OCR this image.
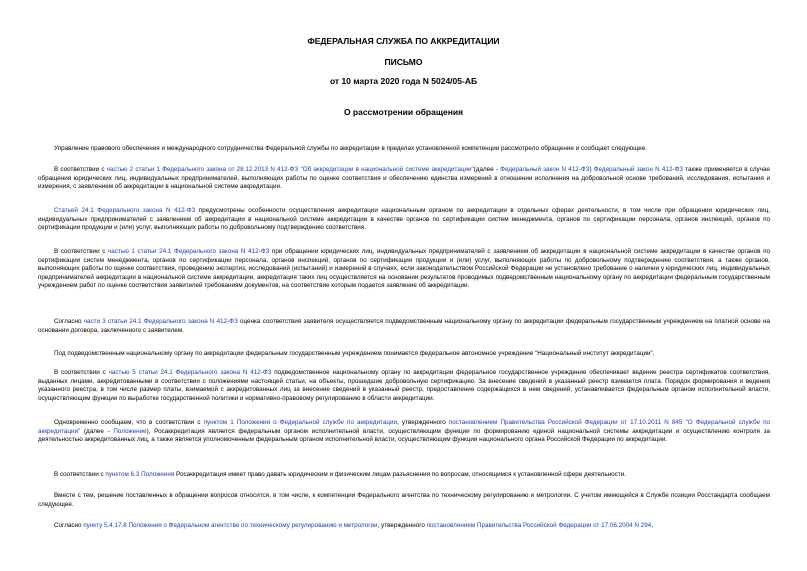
ФЕДЕРАЛЬНАЯ СЛУЖБА ПО АККРЕДИТАЦИИ
ПИСЬМО
от 10 марта 2020 года N 5024/05-АБ
О рассмотрении обращения
Управление правового обеспечения и международного сотрудничества Федеральной службы по аккредитации в пределах установленной компетенции рассмотрело обращение и сообщает следующее.
В соответствии с частью 2 статьи 1 Федерального закона от 28.12.2013 N 412-ФЗ "Об аккредитации в национальной системе аккредитации"(далее - Федеральный закон N 412-ФЗ) Федеральный закон N 412-ФЗ также применяется в случае обращения юридических лиц, индивидуальных предпринимателей, выполняющих работы по оценке соответствия и обеспечению единства измерений в отношении исполнения на добровольной основе требований, исследования, испытания и измерения, с заявлением об аккредитации в национальной системе аккредитации.
Статьей 24.1 Федерального закона N 412-ФЗ предусмотрены особенности осуществления аккредитации национальным органом по аккредитации в отдельных сферах деятельности, в том числе при обращении юридических лиц, индивидуальных предпринимателей с заявлением об аккредитации в национальной системе аккредитации в качестве органов по сертификации систем менеджмента, органов по сертификации персонала, органов инспекций, органов по сертификации продукции и (или) услуг, выполняющих работы по добровольному подтверждению соответствия.
В соответствии с частью 1 статьи 24.1 Федерального закона N 412-ФЗ при обращении юридических лиц, индивидуальных предпринимателей с заявлением об аккредитации в национальной системе аккредитации в качестве органов по сертификации систем менеджмента, органов по сертификации персонала, органов инспекций, органов по сертификации продукции и (или) услуг, выполняющих работы по добровольному подтверждению соответствия, а также органов, выполняющих работы по оценке соответствия, проведению экспертиз, исследований (испытаний) и измерений в случаях, если законодательством Российской Федерации не установлено требование о наличии у юридических лиц, индивидуальных предпринимателей аккредитации в национальной системе аккредитации, аккредитация таких лиц осуществляется на основании результатов проводимых подведомственным национальному органу по аккредитации федеральным государственным учреждением работ по оценке соответствия заявителей требованиям документов, на соответствие которым подается заявление об аккредитации.
Согласно части 3 статьи 24.1 Федерального закона N 412-ФЗ оценка соответствия заявителя осуществляется подведомственным национальному органу по аккредитации федеральным государственным учреждением на платной основе на основании договора, заключенного с заявителем.
Под подведомственным национальному органу по аккредитации федеральным государственным учреждением понимается федеральное автономное учреждение "Национальный институт аккредитации".
В соответствии с частью 5 статьи 24.1 Федерального закона N 412-ФЗ подведомственное национальному органу по аккредитации федеральное государственное учреждение обеспечивает ведение реестра сертификатов соответствия, выданных лицами, аккредитованными в соответствии с положениями настоящей статьи, на объекты, прошедшие добровольную сертификацию. За внесение сведений в указанный реестр взимается плата. Порядок формирования и ведения указанного реестра, в том числе размер платы, взимаемой с аккредитованных лиц за внесение сведений в указанный реестр, предоставление содержащихся в нем сведений, устанавливается федеральным органом исполнительной власти, осуществляющим функции по выработке государственной политики и нормативно-правовому регулированию в области аккредитации.
Одновременно сообщаем, что в соответствии с пунктом 1 Положения о Федеральной службе по аккредитации, утвержденного постановлением Правительства Российской Федерации от 17.10.2011 N 845 "О Федеральной службе по аккредитации" (далее - Положение), Росаккредитация является федеральным органом исполнительной власти, осуществляющим функции по формированию единой национальной системы аккредитации и осуществлению контроля за деятельностью аккредитованных лиц, а также является уполномоченным федеральным органом исполнительной власти, осуществляющим функции национального органа Российской Федерации по аккредитации.
В соответствии с пунктом 6.3 Положения Росаккредитация имеет право давать юридическим и физическим лицам разъяснения по вопросам, относящимся к установленной сфере деятельности.
Вместе с тем, решение поставленных в обращении вопросов относится, в том числе, к компетенции Федерального агентства по техническому регулированию и метрологии. С учетом имеющейся в Службе позиции Росстандарта сообщаем следующее.
Согласно пункту 5.4.17.8 Положения о Федеральном агентстве по техническому регулированию и метрологии, утвержденного постановлением Правительства Российской Федерации от 17.06.2004 N 294,
